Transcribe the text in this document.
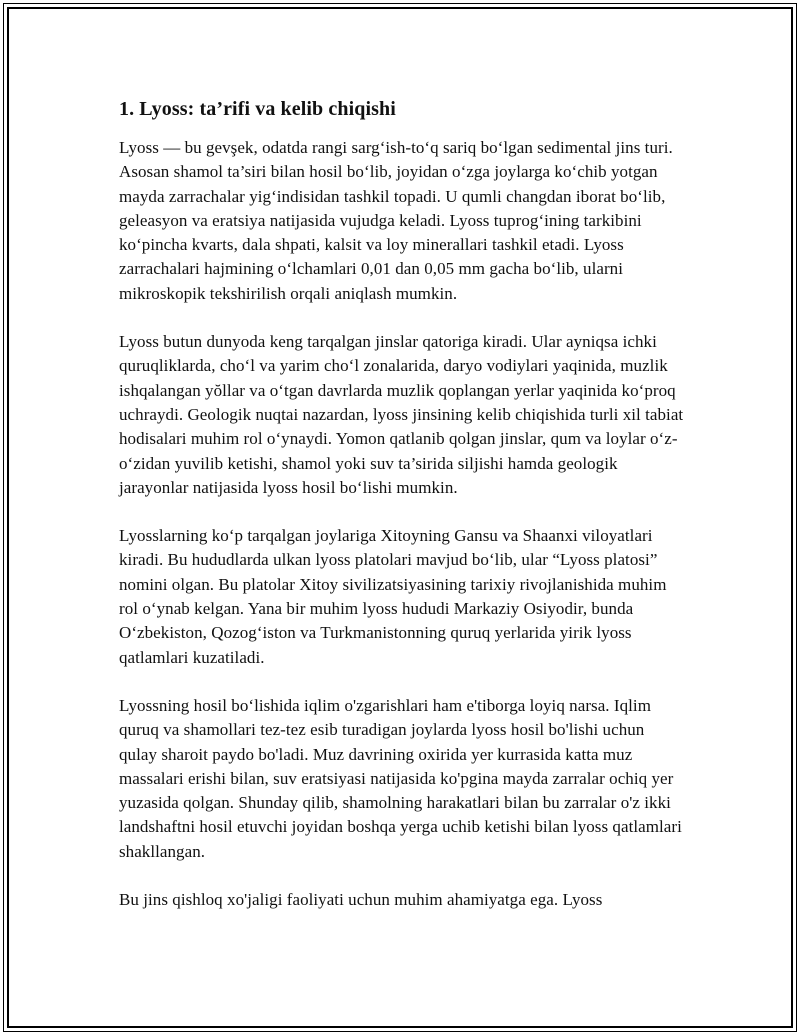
1. Lyoss: ta’rifi va kelib chiqishi

Lyoss — bu gevşek, odatda rangi sarg‘ish-to‘q sariq bo‘lgan sedimental jins turi. Asosan shamol ta’siri bilan hosil bo‘lib, joyidan o‘zga joylarga ko‘chib yotgan mayda zarrachalar yig‘indisidan tashkil topadi. U qumli changdan iborat bo‘lib, geleasyon va eratsiya natijasida vujudga keladi. Lyoss tuprog‘ining tarkibini ko‘pincha kvarts, dala shpati, kalsit va loy minerallari tashkil etadi. Lyoss zarrachalari hajmining o‘lchamlari 0,01 dan 0,05 mm gacha bo‘lib, ularni mikroskopik tekshirilish orqali aniqlash mumkin.

Lyoss butun dunyoda keng tarqalgan jinslar qatoriga kiradi. Ular ayniqsa ichki quruqliklarda, cho‘l va yarim cho‘l zonalarida, daryo vodiylari yaqinida, muzlik ishqalangan yŏllar va o‘tgan davrlarda muzlik qoplangan yerlar yaqinida ko‘proq uchraydi. Geologik nuqtai nazardan, lyoss jinsining kelib chiqishida turli xil tabiat hodisalari muhim rol o‘ynaydi. Yomon qatlanib qolgan jinslar, qum va loylar o‘z-o‘zidan yuvilib ketishi, shamol yoki suv ta’sirida siljishi hamda geologik jarayonlar natijasida lyoss hosil bo‘lishi mumkin.

Lyosslarning ko‘p tarqalgan joylariga Xitoyning Gansu va Shaanxi viloyatlari kiradi. Bu hududlarda ulkan lyoss platolari mavjud bo‘lib, ular “Lyoss platosi” nomini olgan. Bu platolar Xitoy sivilizatsiyasining tarixiy rivojlanishida muhim rol o‘ynab kelgan. Yana bir muhim lyoss hududi Markaziy Osiyodir, bunda O‘zbekiston, Qozog‘iston va Turkmanistonning quruq yerlarida yirik lyoss qatlamlari kuzatiladi.

Lyossning hosil bo‘lishida iqlim o'zgarishlari ham e'tiborga loyiq narsa. Iqlim quruq va shamollari tez-tez esib turadigan joylarda lyoss hosil bo'lishi uchun qulay sharoit paydo bo'ladi. Muz davrining oxirida yer kurrasida katta muz massalari erishi bilan, suv eratsiyasi natijasida ko'pgina mayda zarralar ochiq yer yuzasida qolgan. Shunday qilib, shamolning harakatlari bilan bu zarralar o'z ikki landshaftni hosil etuvchi joyidan boshqa yerga uchib ketishi bilan lyoss qatlamlari shakllangan.

Bu jins qishloq xo'jaligi faoliyati uchun muhim ahamiyatga ega. Lyoss
